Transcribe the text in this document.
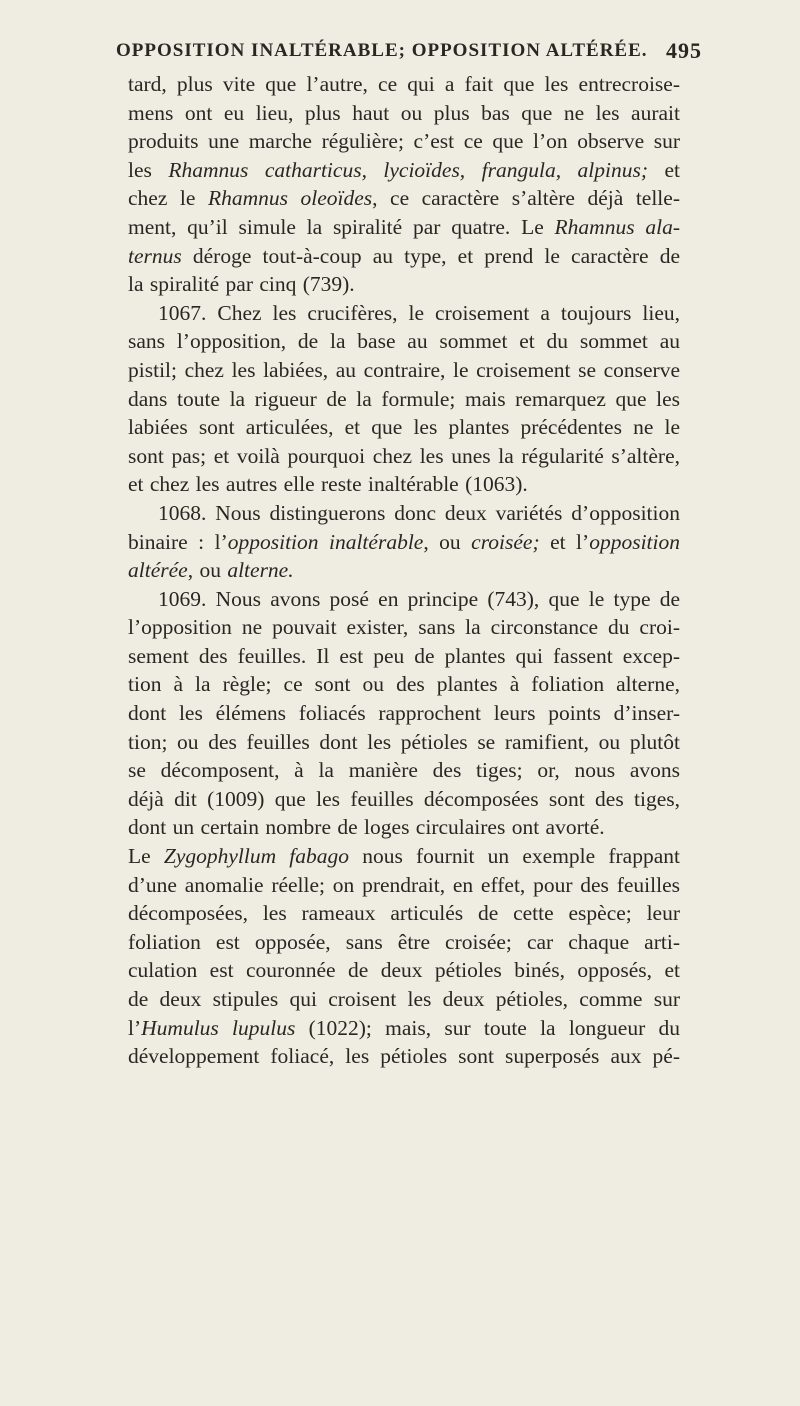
OPPOSITION INALTÉRABLE; OPPOSITION ALTÉRÉE. 495
tard, plus vite que l’autre, ce qui a fait que les entrecroise-
mens ont eu lieu, plus haut ou plus bas que ne les aurait
produits une marche régulière; c’est ce que l’on observe sur
les Rhamnus catharticus, lycioïdes, frangula, alpinus; et
chez le Rhamnus oleoïdes, ce caractère s’altère déjà telle-
ment, qu’il simule la spiralité par quatre. Le Rhamnus ala-
ternus déroge tout-à-coup au type, et prend le caractère de
la spiralité par cinq (739).
1067. Chez les crucifères, le croisement a toujours lieu,
sans l’opposition, de la base au sommet et du sommet au
pistil; chez les labiées, au contraire, le croisement se conserve
dans toute la rigueur de la formule; mais remarquez que les
labiées sont articulées, et que les plantes précédentes ne le
sont pas; et voilà pourquoi chez les unes la régularité s’altère,
et chez les autres elle reste inaltérable (1063).
1068. Nous distinguerons donc deux variétés d’opposition
binaire : l’opposition inaltérable, ou croisée; et l’opposition
altérée, ou alterne.
1069. Nous avons posé en principe (743), que le type de
l’opposition ne pouvait exister, sans la circonstance du croi-
sement des feuilles. Il est peu de plantes qui fassent excep-
tion à la règle; ce sont ou des plantes à foliation alterne,
dont les élémens foliacés rapprochent leurs points d’inser-
tion; ou des feuilles dont les pétioles se ramifient, ou plutôt
se décomposent, à la manière des tiges; or, nous avons
déjà dit (1009) que les feuilles décomposées sont des tiges,
dont un certain nombre de loges circulaires ont avorté.
Le Zygophyllum fabago nous fournit un exemple frappant
d’une anomalie réelle; on prendrait, en effet, pour des feuilles
décomposées, les rameaux articulés de cette espèce; leur
foliation est opposée, sans être croisée; car chaque arti-
culation est couronnée de deux pétioles binés, opposés, et
de deux stipules qui croisent les deux pétioles, comme sur
l’Humulus lupulus (1022); mais, sur toute la longueur du
développement foliacé, les pétioles sont superposés aux pé-
